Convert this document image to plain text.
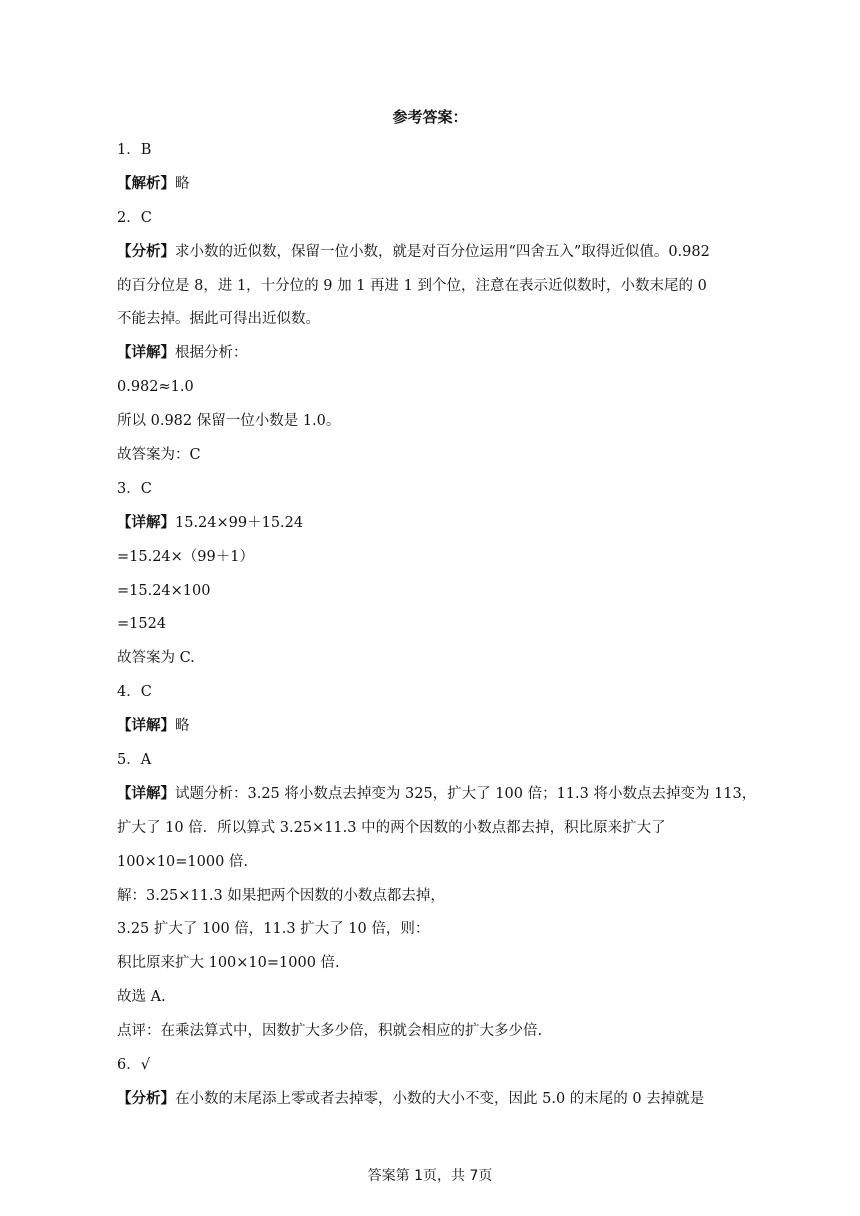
参考答案：
1．B
【解析】略
2．C
【分析】求小数的近似数，保留一位小数，就是对百分位运用“四舍五入”取得近似值。0.982
的百分位是 8，进 1，十分位的 9 加 1 再进 1 到个位，注意在表示近似数时，小数末尾的 0
不能去掉。据此可得出近似数。
【详解】根据分析：
0.982≈1.0
所以 0.982 保留一位小数是 1.0。
故答案为：C
3．C
【详解】15.24×99＋15.24
=15.24×（99＋1）
=15.24×100
=1524
故答案为 C.
4．C
【详解】略
5．A
【详解】试题分析：3.25 将小数点去掉变为 325，扩大了 100 倍；11.3 将小数点去掉变为 113，
扩大了 10 倍．所以算式 3.25×11.3 中的两个因数的小数点都去掉，积比原来扩大了
100×10=1000 倍.
解：3.25×11.3 如果把两个因数的小数点都去掉，
3.25 扩大了 100 倍，11.3 扩大了 10 倍，则：
积比原来扩大 100×10=1000 倍.
故选 A.
点评：在乘法算式中，因数扩大多少倍，积就会相应的扩大多少倍.
6．√
【分析】在小数的末尾添上零或者去掉零，小数的大小不变，因此 5.0 的末尾的 0 去掉就是
答案第 1页，共 7页
